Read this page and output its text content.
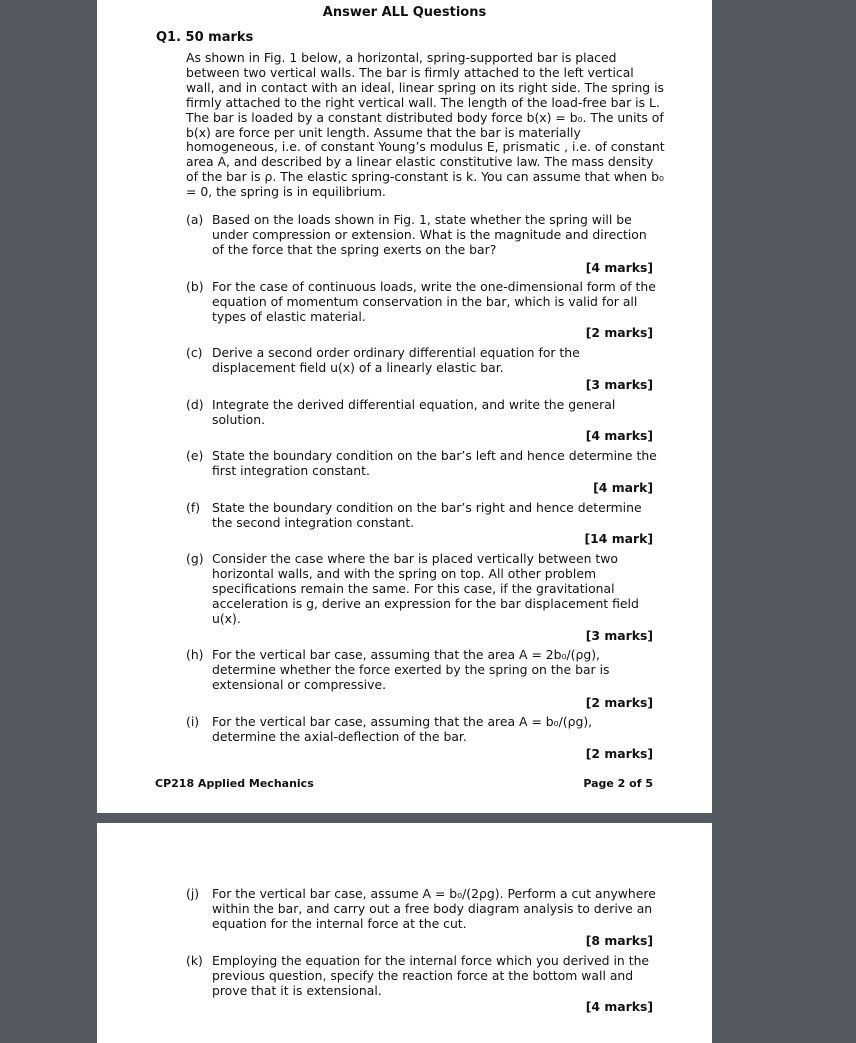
Answer ALL Questions
Q1. 50 marks
As shown in Fig. 1 below, a horizontal, spring-supported bar is placed between two vertical walls. The bar is firmly attached to the left vertical wall, and in contact with an ideal, linear spring on its right side. The spring is firmly attached to the right vertical wall. The length of the load-free bar is L. The bar is loaded by a constant distributed body force b(x) = b₀. The units of b(x) are force per unit length. Assume that the bar is materially homogeneous, i.e. of constant Young’s modulus E, prismatic , i.e. of constant area A, and described by a linear elastic constitutive law. The mass density of the bar is ρ. The elastic spring-constant is k. You can assume that when b₀ = 0, the spring is in equilibrium.
(a) Based on the loads shown in Fig. 1, state whether the spring will be under compression or extension. What is the magnitude and direction of the force that the spring exerts on the bar?
[4 marks]
(b) For the case of continuous loads, write the one-dimensional form of the equation of momentum conservation in the bar, which is valid for all types of elastic material.
[2 marks]
(c) Derive a second order ordinary differential equation for the displacement field u(x) of a linearly elastic bar.
[3 marks]
(d) Integrate the derived differential equation, and write the general solution.
[4 marks]
(e) State the boundary condition on the bar’s left and hence determine the first integration constant.
[4 mark]
(f) State the boundary condition on the bar’s right and hence determine the second integration constant.
[14 mark]
(g) Consider the case where the bar is placed vertically between two horizontal walls, and with the spring on top. All other problem specifications remain the same. For this case, if the gravitational acceleration is g, derive an expression for the bar displacement field u(x).
[3 marks]
(h) For the vertical bar case, assuming that the area A = 2b₀/(ρg), determine whether the force exerted by the spring on the bar is extensional or compressive.
[2 marks]
(i) For the vertical bar case, assuming that the area A = b₀/(ρg), determine the axial-deflection of the bar.
[2 marks]
CP218 Applied Mechanics	Page 2 of 5
(j) For the vertical bar case, assume A = b₀/(2ρg). Perform a cut anywhere within the bar, and carry out a free body diagram analysis to derive an equation for the internal force at the cut.
[8 marks]
(k) Employing the equation for the internal force which you derived in the previous question, specify the reaction force at the bottom wall and prove that it is extensional.
[4 marks]
